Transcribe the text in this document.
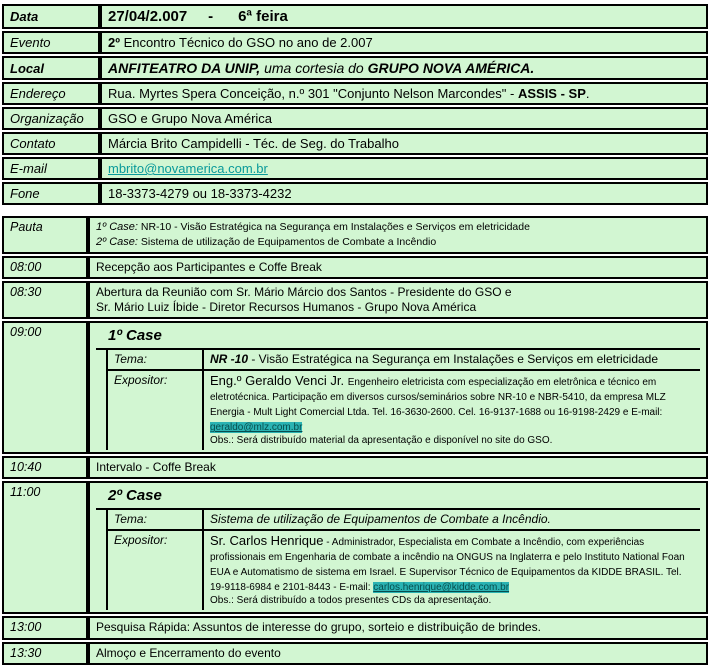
Data	27/04/2.007     -      6ª feira
Evento	2º Encontro Técnico do GSO no ano de 2.007
Local	ANFITEATRO DA UNIP, uma cortesia do GRUPO NOVA AMÉRICA.
Endereço	Rua. Myrtes Spera Conceição, n.º 301 "Conjunto Nelson Marcondes" - ASSIS - SP.
Organização	GSO e Grupo Nova América
Contato	Márcia Brito Campidelli - Téc. de Seg. do Trabalho
E-mail	mbrito@novamerica.com.br
Fone	18-3373-4279 ou 18-3373-4232
Pauta	1º Case: NR-10 - Visão Estratégica na Segurança em Instalações e Serviços em eletricidade
2º Case: Sistema de utilização de Equipamentos de Combate a Incêndio

08:00	Recepção aos Participantes e Coffe Break
08:30	Abertura da Reunião com Sr. Mário Márcio dos Santos - Presidente do GSO e
Sr. Mário Luiz Íbide - Diretor Recursos Humanos - Grupo Nova América

09:00	1º Case
Tema:	NR -10 - Visão Estratégica na Segurança em Instalações e Serviços em eletricidade
Expositor:	Eng.º Geraldo Venci Jr. Engenheiro eletricista com especialização em eletrônica e técnico em eletrotécnica. Participação em diversos cursos/seminários sobre NR-10 e NBR-5410, da empresa MLZ Energia - Mult Light Comercial Ltda. Tel. 16-3630-2600. Cel. 16-9137-1688 ou 16-9198-2429 e E-mail: geraldo@mlz.com.br
Obs.: Será distribuído material da apresentação e disponível no site do GSO.

10:40	Intervalo - Coffe Break
11:00	2º Case
Tema:	Sistema de utilização de Equipamentos de Combate a Incêndio.
Expositor:	Sr. Carlos Henrique - Administrador, Especialista em Combate a Incêndio, com experiências profissionais em Engenharia de combate a incêndio na ONGUS na Inglaterra e pelo Instituto National Foan EUA e Automatismo de sistema em Israel. E Supervisor Técnico de Equipamentos da KIDDE BRASIL. Tel. 19-9118-6984 e 2101-8443 - E-mail: carlos.henrique@kidde.com.br
Obs.: Será distribuído a todos presentes CDs da apresentação.

13:00	Pesquisa Rápida: Assuntos de interesse do grupo, sorteio e distribuição de brindes.
13:30	Almoço e Encerramento do evento
